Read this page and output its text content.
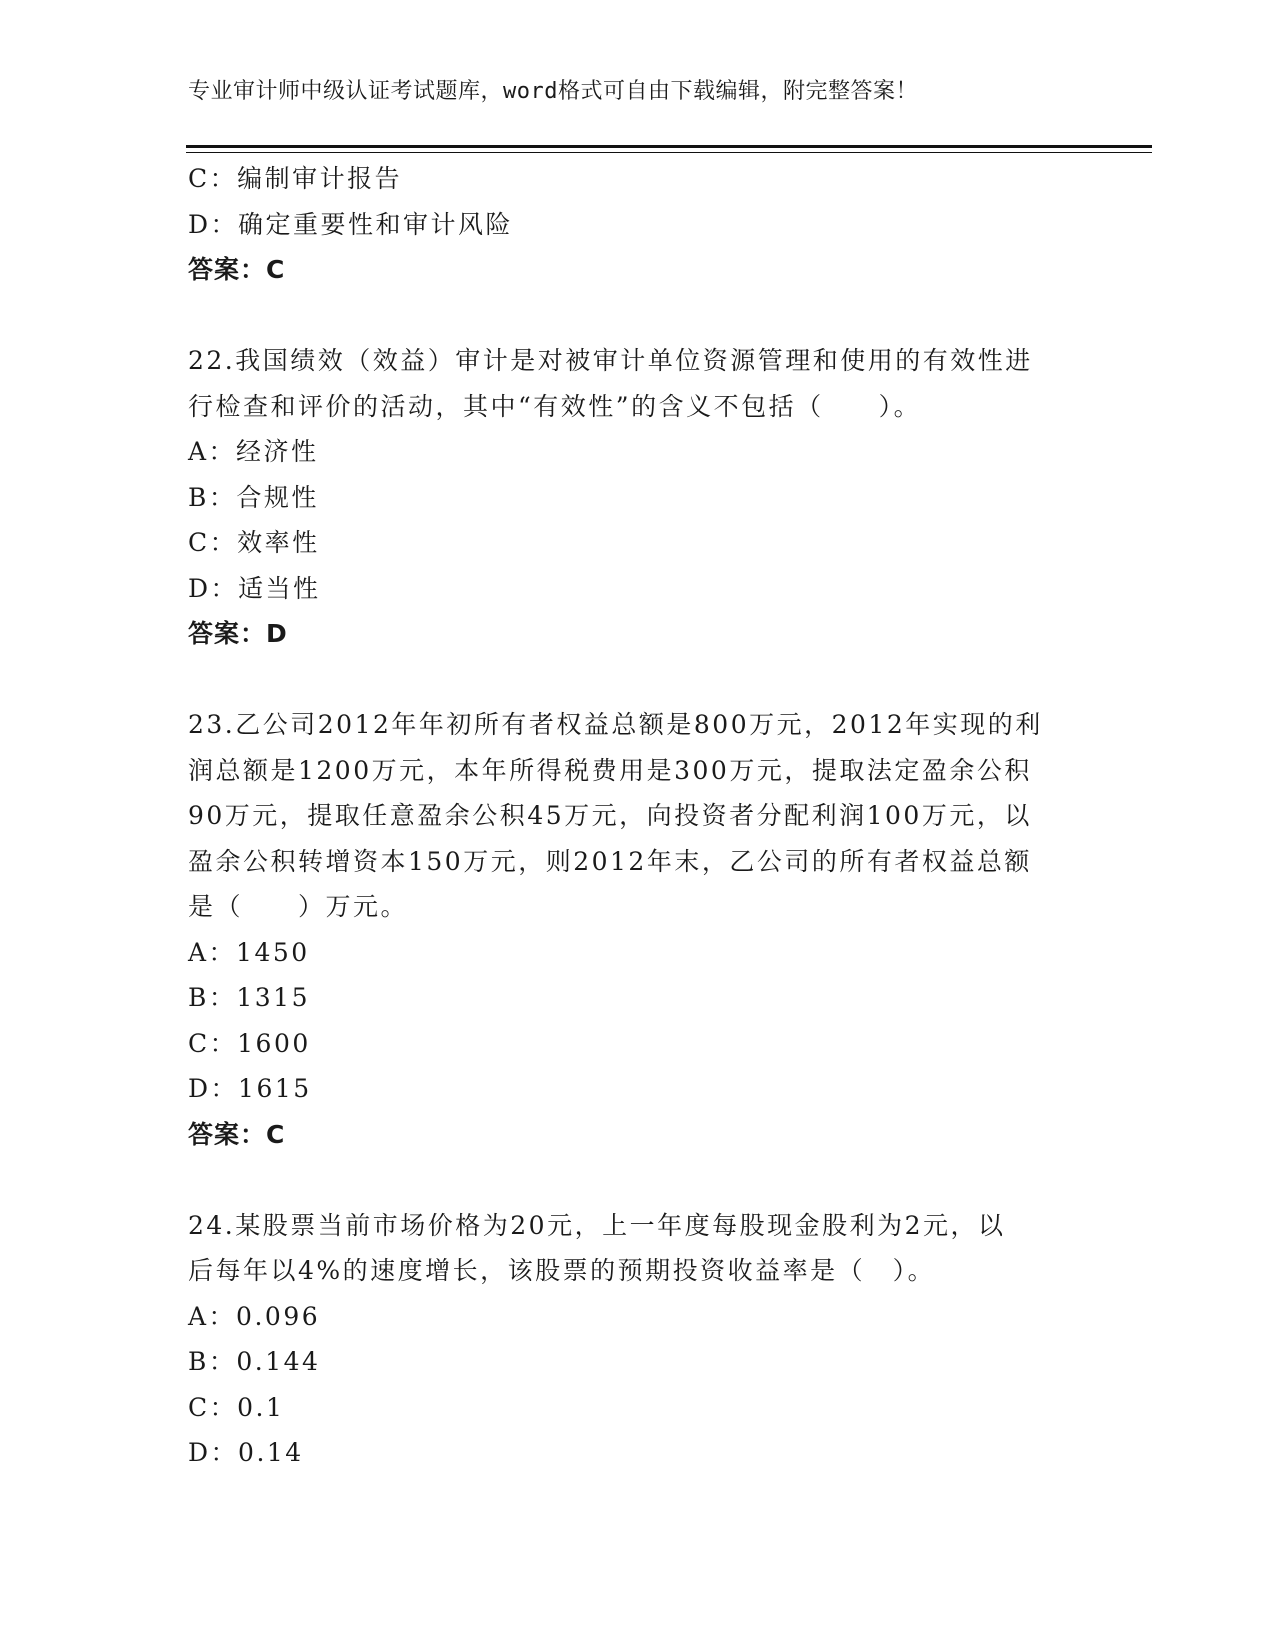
专业审计师中级认证考试题库，word格式可自由下载编辑，附完整答案！
C：编制审计报告
D：确定重要性和审计风险
答案：C
22.我国绩效（效益）审计是对被审计单位资源管理和使用的有效性进
行检查和评价的活动，其中“有效性”的含义不包括（　　）。
A：经济性
B：合规性
C：效率性
D：适当性
答案：D
23.乙公司2012年年初所有者权益总额是800万元，2012年实现的利
润总额是1200万元，本年所得税费用是300万元，提取法定盈余公积
90万元，提取任意盈余公积45万元，向投资者分配利润100万元，以
盈余公积转增资本150万元，则2012年末，乙公司的所有者权益总额
是（　　）万元。
A：1450
B：1315
C：1600
D：1615
答案：C
24.某股票当前市场价格为20元，上一年度每股现金股利为2元，以
后每年以4%的速度增长，该股票的预期投资收益率是（　）。
A：0.096
B：0.144
C：0.1
D：0.14
